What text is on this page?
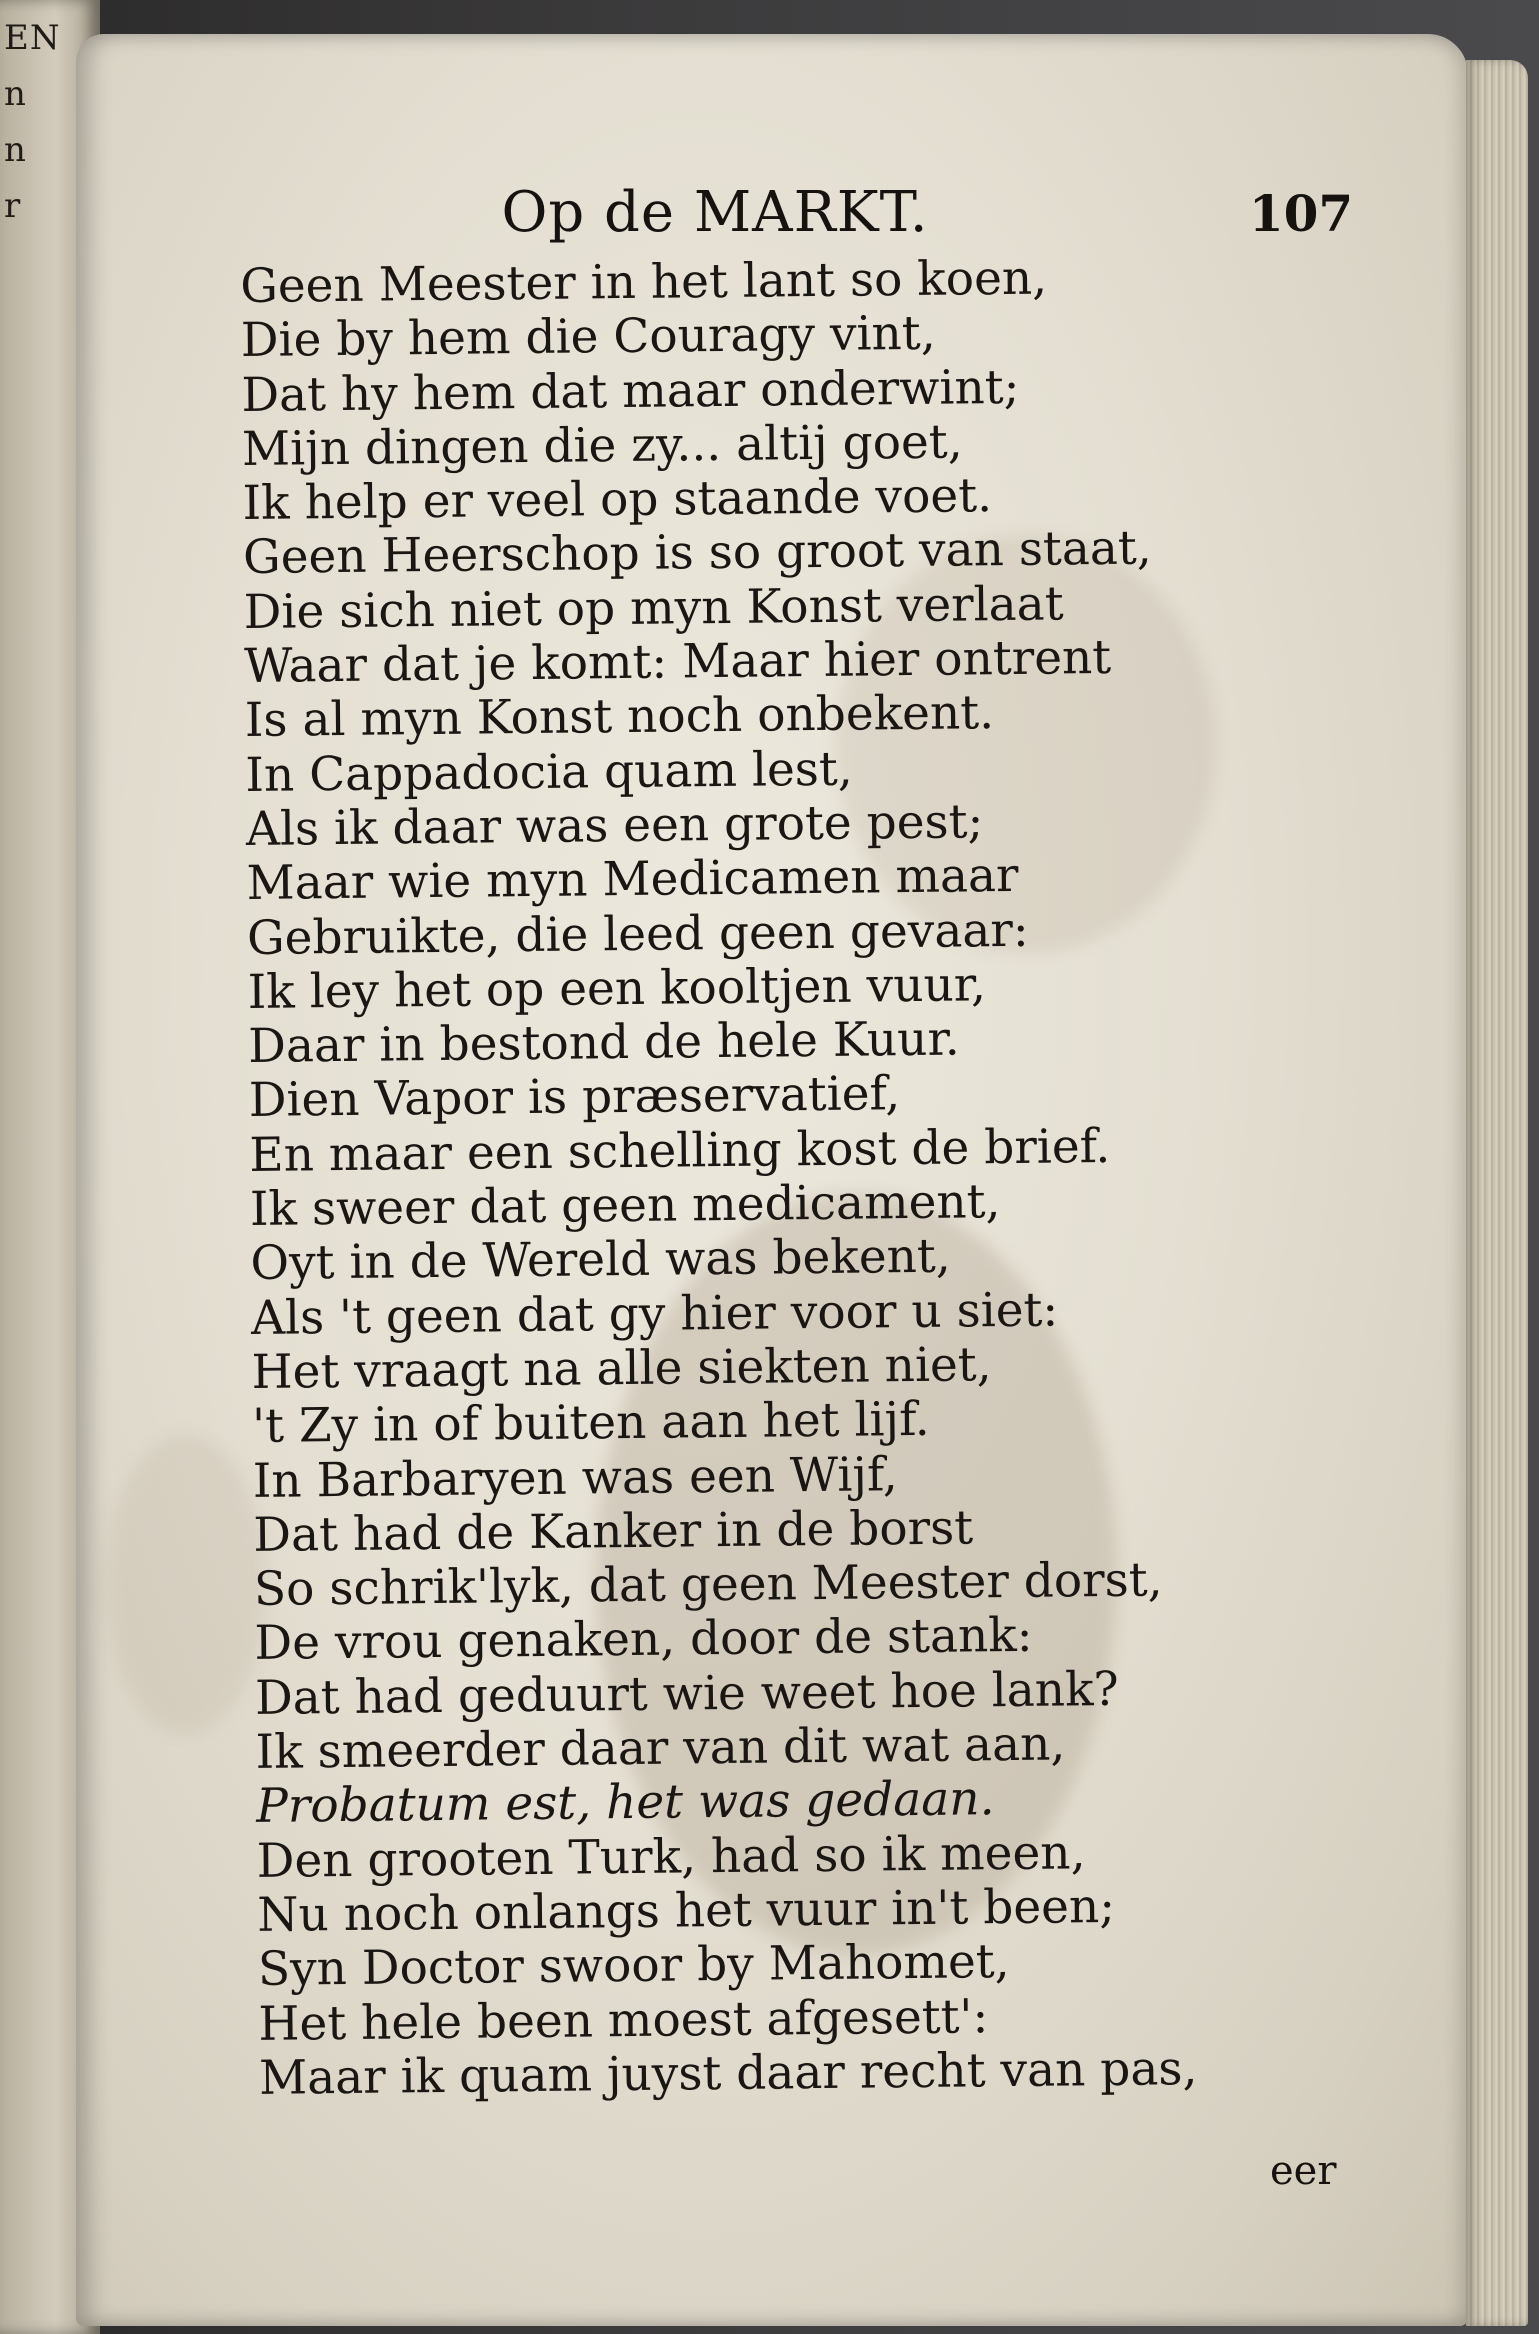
EN
n
n
r	Op de MARKT.	107
Geen Meester in het lant so koen,
Die by hem die Couragy vint,
Dat hy hem dat maar onderwint;
Mijn dingen die zy... altij goet,
Ik help er veel op staande voet.
Geen Heerschop is so groot van staat,
Die sich niet op myn Konst verlaat
Waar dat je komt: Maar hier ontrent
Is al myn Konst noch onbekent.
In Cappadocia quam lest,
Als ik daar was een grote pest;
Maar wie myn Medicamen maar
Gebruikte, die leed geen gevaar:
Ik ley het op een kooltjen vuur,
Daar in bestond de hele Kuur.
Dien Vapor is præservatief,
En maar een schelling kost de brief.
Ik sweer dat geen medicament,
Oyt in de Wereld was bekent,
Als 't geen dat gy hier voor u siet:
Het vraagt na alle siekten niet,
't Zy in of buiten aan het lijf.
In Barbaryen was een Wijf,
Dat had de Kanker in de borst
So schrik'lyk, dat geen Meester dorst,
De vrou genaken, door de stank:
Dat had geduurt wie weet hoe lank?
Ik smeerder daar van dit wat aan,
Probatum est, het was gedaan.
Den grooten Turk, had so ik meen,
Nu noch onlangs het vuur in't been;
Syn Doctor swoor by Mahomet,
Het hele been moest afgesett':
Maar ik quam juyst daar recht van pas,
eer
